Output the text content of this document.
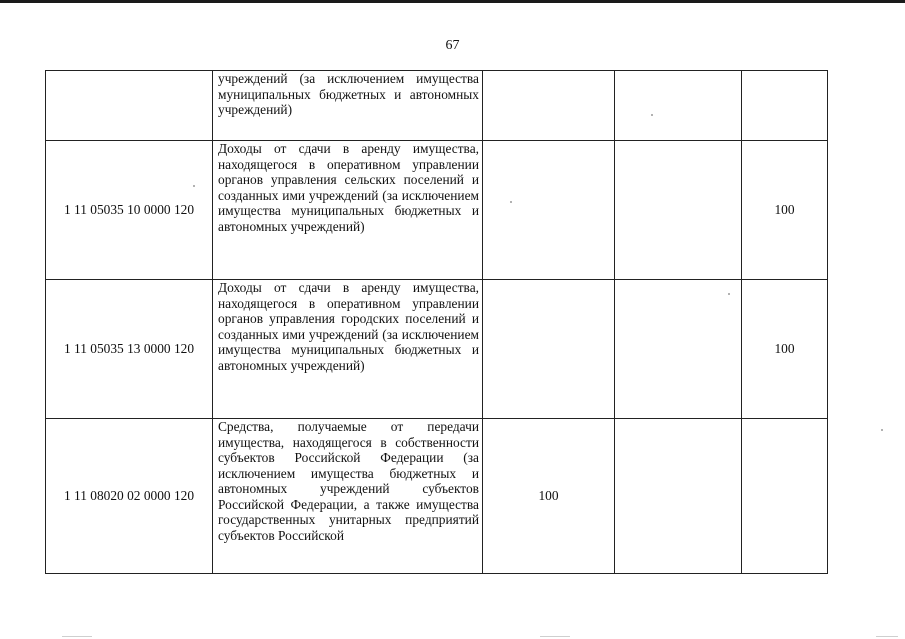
67
	учреждений (за исключением имущества муниципальных бюджетных и автономных учреждений)			
1 11 05035 10 0000 120	Доходы от сдачи в аренду имущества, находящегося в оперативном управлении органов управления сельских поселений и созданных ими учреждений (за исключением имущества муниципальных бюджетных и автономных учреждений)			100
1 11 05035 13 0000 120	Доходы от сдачи в аренду имущества, находящегося в оперативном управлении органов управления городских поселений и созданных ими учреждений (за исключением имущества муниципальных бюджетных и автономных учреждений)			100
1 11 08020 02 0000 120	Средства, получаемые от передачи имущества, находящегося в собственности субъектов Российской Федерации (за исключением имущества бюджетных и автономных учреждений субъектов Российской Федерации, а также имущества государственных унитарных предприятий субъектов Российской	100		
